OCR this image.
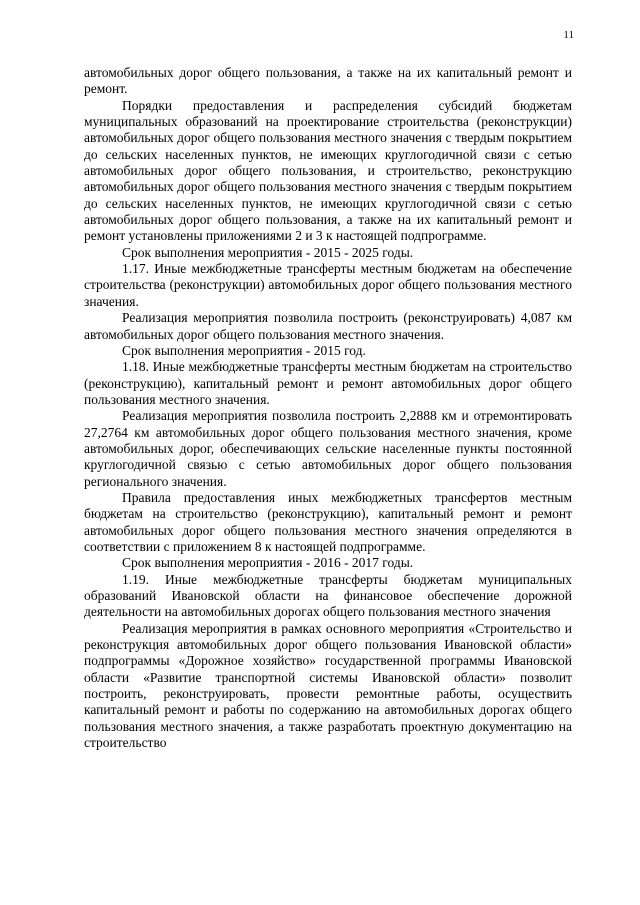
11

автомобильных дорог общего пользования, а также на их капитальный ремонт и ремонт.

Порядки предоставления и распределения субсидий бюджетам муниципальных образований на проектирование строительства (реконструкции) автомобильных дорог общего пользования местного значения с твердым покрытием до сельских населенных пунктов, не имеющих круглогодичной связи с сетью автомобильных дорог общего пользования, и строительство, реконструкцию автомобильных дорог общего пользования местного значения с твердым покрытием до сельских населенных пунктов, не имеющих круглогодичной связи с сетью автомобильных дорог общего пользования, а также на их капитальный ремонт и ремонт установлены приложениями 2 и 3 к настоящей подпрограмме.

Срок выполнения мероприятия - 2015 - 2025 годы.

1.17. Иные межбюджетные трансферты местным бюджетам на обеспечение строительства (реконструкции) автомобильных дорог общего пользования местного значения.

Реализация мероприятия позволила построить (реконструировать) 4,087 км автомобильных дорог общего пользования местного значения.

Срок выполнения мероприятия - 2015 год.

1.18. Иные межбюджетные трансферты местным бюджетам на строительство (реконструкцию), капитальный ремонт и ремонт автомобильных дорог общего пользования местного значения.

Реализация мероприятия позволила построить 2,2888 км и отремонтировать 27,2764 км автомобильных дорог общего пользования местного значения, кроме автомобильных дорог, обеспечивающих сельские населенные пункты постоянной круглогодичной связью с сетью автомобильных дорог общего пользования регионального значения.

Правила предоставления иных межбюджетных трансфертов местным бюджетам на строительство (реконструкцию), капитальный ремонт и ремонт автомобильных дорог общего пользования местного значения определяются в соответствии с приложением 8 к настоящей подпрограмме.

Срок выполнения мероприятия - 2016 - 2017 годы.

1.19. Иные межбюджетные трансферты бюджетам муниципальных образований Ивановской области на финансовое обеспечение дорожной деятельности на автомобильных дорогах общего пользования местного значения

Реализация мероприятия в рамках основного мероприятия «Строительство и реконструкция автомобильных дорог общего пользования Ивановской области» подпрограммы «Дорожное хозяйство» государственной программы Ивановской области «Развитие транспортной системы Ивановской области» позволит построить, реконструировать, провести ремонтные работы, осуществить капитальный ремонт и работы по содержанию на автомобильных дорогах общего пользования местного значения, а также разработать проектную документацию на строительство
